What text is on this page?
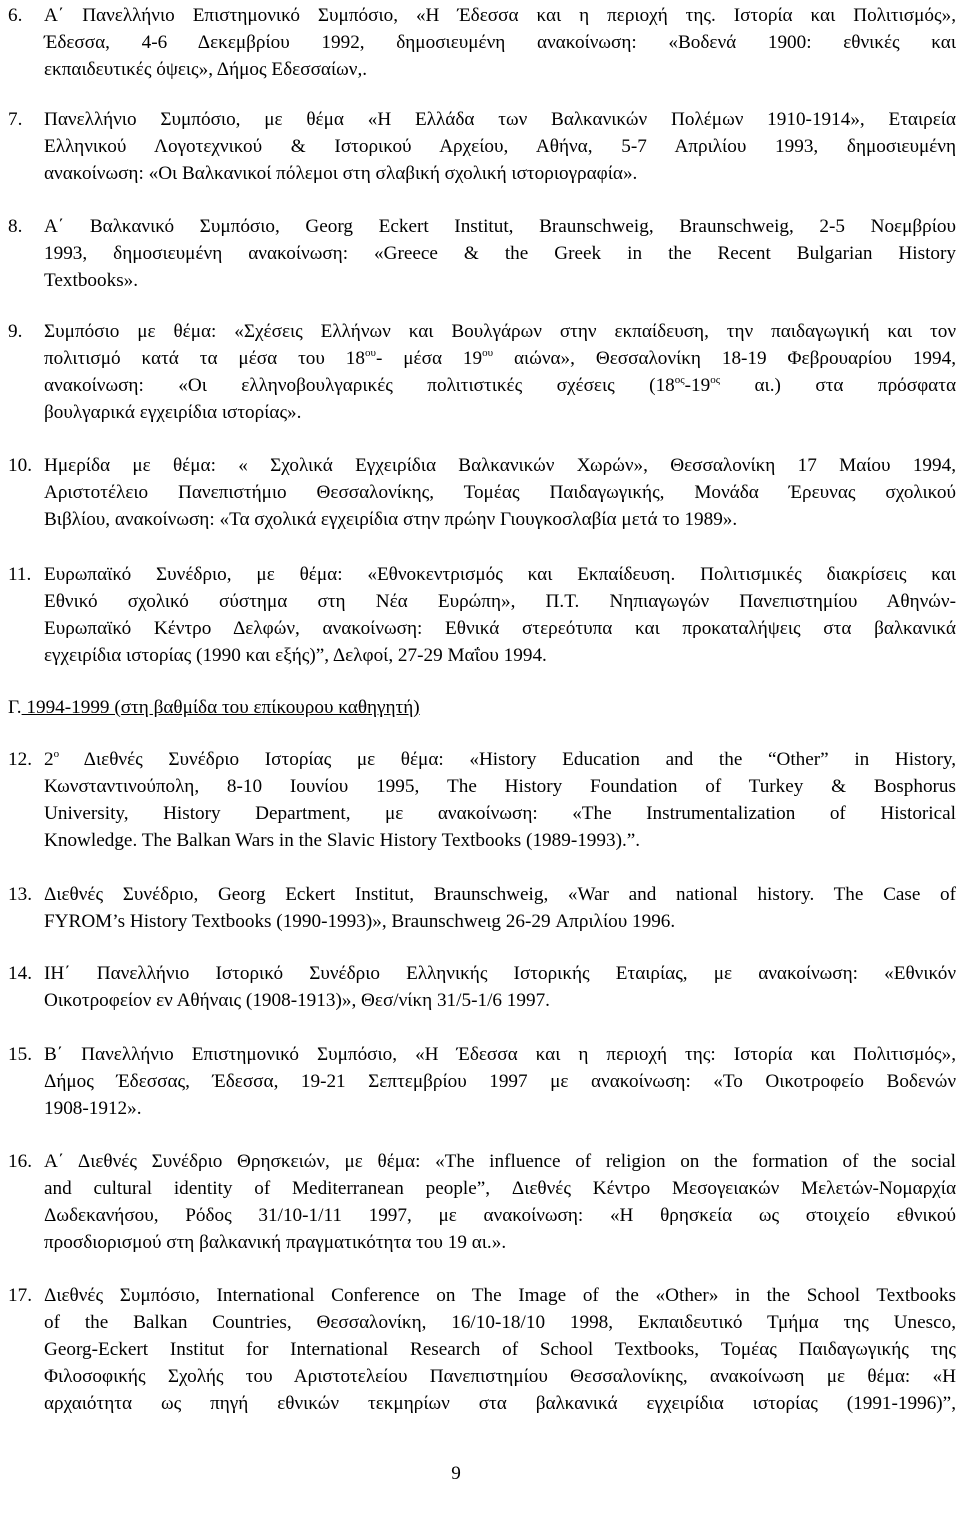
6. Α΄ Πανελλήνιο Επιστημονικό Συμπόσιο, «Η Έδεσσα και η περιοχή της. Ιστορία και Πολιτισμός»,
Έδεσσα, 4-6 Δεκεμβρίου 1992, δημοσιευμένη ανακοίνωση: «Βοδενά 1900: εθνικές και
εκπαιδευτικές όψεις», Δήμος Εδεσσαίων,.
7. Πανελλήνιο Συμπόσιο, με θέμα «Η Ελλάδα των Βαλκανικών Πολέμων 1910-1914», Εταιρεία
Ελληνικού Λογοτεχνικού & Ιστορικού Αρχείου, Αθήνα, 5-7 Απριλίου 1993, δημοσιευμένη
ανακοίνωση: «Οι Βαλκανικοί πόλεμοι στη σλαβική σχολική ιστοριογραφία».
8. Α΄ Βαλκανικό Συμπόσιο, Georg Eckert Institut, Braunschweig, Braunschweig, 2-5 Νοεμβρίου
1993, δημοσιευμένη ανακοίνωση: «Greece & the Greek in the Recent Bulgarian History
Textbooks».
9. Συμπόσιο με θέμα: «Σχέσεις Ελλήνων και Βουλγάρων στην εκπαίδευση, την παιδαγωγική και τον
πολιτισμό κατά τα μέσα του $18^{o\upsilon}-$ μέσα $19^{o\upsilon}$ αιώνα», Θεσσαλονίκη 18-19 Φεβρουαρίου 1994,
ανακοίνωση: «Οι ελληνοβουλγαρικές πολιτιστικές σχέσεις ($18^{o\varsigma}-19^{o\varsigma}$ αι.) στα πρόσφατα
βουλγαρικά εγχειρίδια ιστορίας».
10. Ημερίδα με θέμα: « Σχολικά Εγχειρίδια Βαλκανικών Χωρών», Θεσσαλονίκη 17 Μαίου 1994,
Αριστοτέλειο Πανεπιστήμιο Θεσσαλονίκης, Τομέας Παιδαγωγικής, Μονάδα Έρευνας σχολικού
Βιβλίου, ανακοίνωση: «Τα σχολικά εγχειρίδια στην πρώην Γιουγκοσλαβία μετά το 1989».
11. Ευρωπαϊκό Συνέδριο, με θέμα: «Εθνοκεντρισμός και Εκπαίδευση. Πολιτισμικές διακρίσεις και
Εθνικό σχολικό σύστημα στη Νέα Ευρώπη», Π.Τ. Νηπιαγωγών Πανεπιστημίου Αθηνών-
Ευρωπαϊκό Κέντρο Δελφών, ανακοίνωση: Εθνικά στερεότυπα και προκαταλήψεις στα βαλκανικά
εγχειρίδια ιστορίας (1990 και εξής)”, Δελφοί, 27-29 Μαΐου 1994.
Γ. 1994-1999 (στη βαθμίδα του επίκουρου καθηγητή)
12. $2^o$ Διεθνές Συνέδριο Ιστορίας με θέμα: «History Education and the “Other” in History,
Κωνσταντινούπολη, 8-10 Ιουνίου 1995, The History Foundation of Turkey & Bosphorus
University, History Department, με ανακοίνωση: «The Instrumentalization of Historical
Knowledge. The Balkan Wars in the Slavic History Textbooks (1989-1993).”.
13. Διεθνές Συνέδριο, Georg Eckert Institut, Braunschweig, «War and national history. The Case of
FYROM’s History Textbooks (1990-1993)», Braunschweιg 26-29 Απριλίου 1996.
14. ΙΗ΄ Πανελλήνιο Ιστορικό Συνέδριο Ελληνικής Ιστορικής Εταιρίας, με ανακοίνωση: «Εθνικόν
Οικοτροφείον εν Αθήναις (1908-1913)», Θεσ/νίκη 31/5-1/6 1997.
15. Β΄ Πανελλήνιο Επιστημονικό Συμπόσιο, «Η Έδεσσα και η περιοχή της: Ιστορία και Πολιτισμός»,
Δήμος Έδεσσας, Έδεσσα, 19-21 Σεπτεμβρίου 1997 με ανακοίνωση: «Το Οικοτροφείο Βοδενών
1908-1912».
16. Α΄ Διεθνές Συνέδριο Θρησκειών, με θέμα: «The influence of religion on the formation of the social
and cultural identity of Mediterranean people”, Διεθνές Κέντρο Μεσογειακών Μελετών-Νομαρχία
Δωδεκανήσου, Ρόδος 31/10-1/11 1997, με ανακοίνωση: «Η θρησκεία ως στοιχείο εθνικού
προσδιορισμού στη βαλκανική πραγματικότητα του 19 αι.».
17. Διεθνές Συμπόσιο, International Conference on The Image of the «Other» in the School Textbooks
of the Balkan Countries, Θεσσαλονίκη, 16/10-18/10 1998, Εκπαιδευτικό Τμήμα της Unesco,
Georg-Eckert Institut for International Research of School Textbooks, Τομέας Παιδαγωγικής της
Φιλοσοφικής Σχολής του Αριστοτελείου Πανεπιστημίου Θεσσαλονίκης, ανακοίνωση με θέμα: «Η
αρχαιότητα ως πηγή εθνικών τεκμηρίων στα βαλκανικά εγχειρίδια ιστορίας (1991-1996)”,
9
